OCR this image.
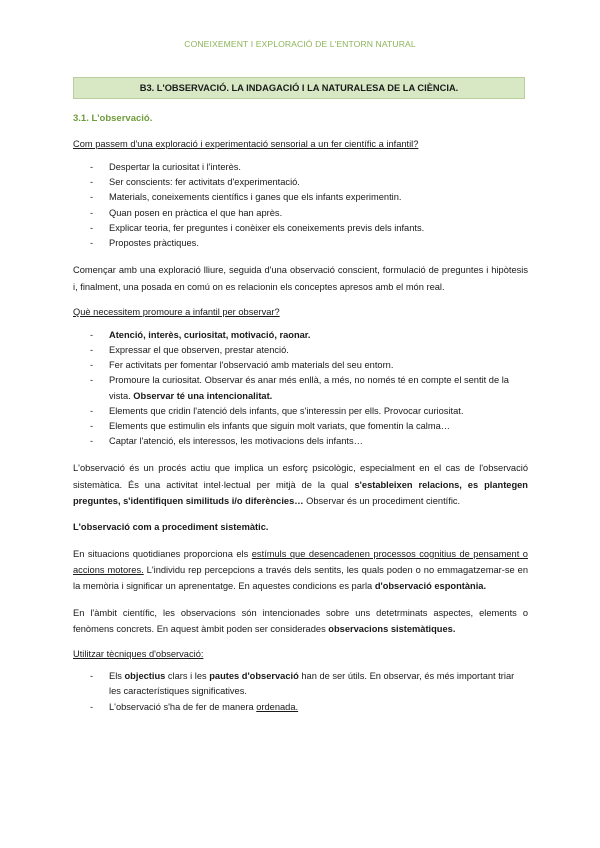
CONEIXEMENT I EXPLORACIÓ DE L'ENTORN NATURAL
B3. L'OBSERVACIÓ. LA INDAGACIÓ I LA NATURALESA DE LA CIÈNCIA.
3.1. L'observació.
Com passem d'una exploració i experimentació sensorial a un fer científic a infantil?
- Despertar la curiositat i l'interès.
- Ser conscients: fer activitats d'experimentació.
- Materials, coneixements científics i ganes que els infants experimentin.
- Quan posen en pràctica el que han après.
- Explicar teoria, fer preguntes i conèixer els coneixements previs dels infants.
- Propostes pràctiques.

Començar amb una exploració lliure, seguida d'una observació conscient, formulació de preguntes i hipòtesis i, finalment, una posada en comú on es relacionin els conceptes apresos amb el món real.

Què necessitem promoure a infantil per observar?
- Atenció, interès, curiositat, motivació, raonar.
- Expressar el que observen, prestar atenció.
- Fer activitats per fomentar l'observació amb materials del seu entorn.
- Promoure la curiositat. Observar és anar més enllà, a més, no només té en compte el sentit de la vista. Observar té una intencionalitat.
- Elements que cridin l'atenció dels infants, que s'interessin per ells. Provocar curiositat.
- Elements que estimulin els infants que siguin molt variats, que fomentin la calma…
- Captar l'atenció, els interessos, les motivacions dels infants…

L'observació és un procés actiu que implica un esforç psicològic, especialment en el cas de l'observació sistemàtica. És una activitat intel·lectual per mitjà de la qual s'estableixen relacions, es plantegen preguntes, s'identifiquen similituds i/o diferències… Observar és un procediment científic.

L'observació com a procediment sistemàtic.

En situacions quotidianes proporciona els estímuls que desencadenen processos cognitius de pensament o accions motores. L'individu rep percepcions a través dels sentits, les quals poden o no emmagatzemar-se en la memòria i significar un aprenentatge. En aquestes condicions es parla d'observació espontània.

En l'àmbit científic, les observacions són intencionades sobre uns detetrminats aspectes, elements o fenòmens concrets. En aquest àmbit poden ser considerades observacions sistemàtiques.

Utilitzar tècniques d'observació:
- Els objectius clars i les pautes d'observació han de ser útils. En observar, és més important triar les característiques significatives.
- L'observació s'ha de fer de manera ordenada.
